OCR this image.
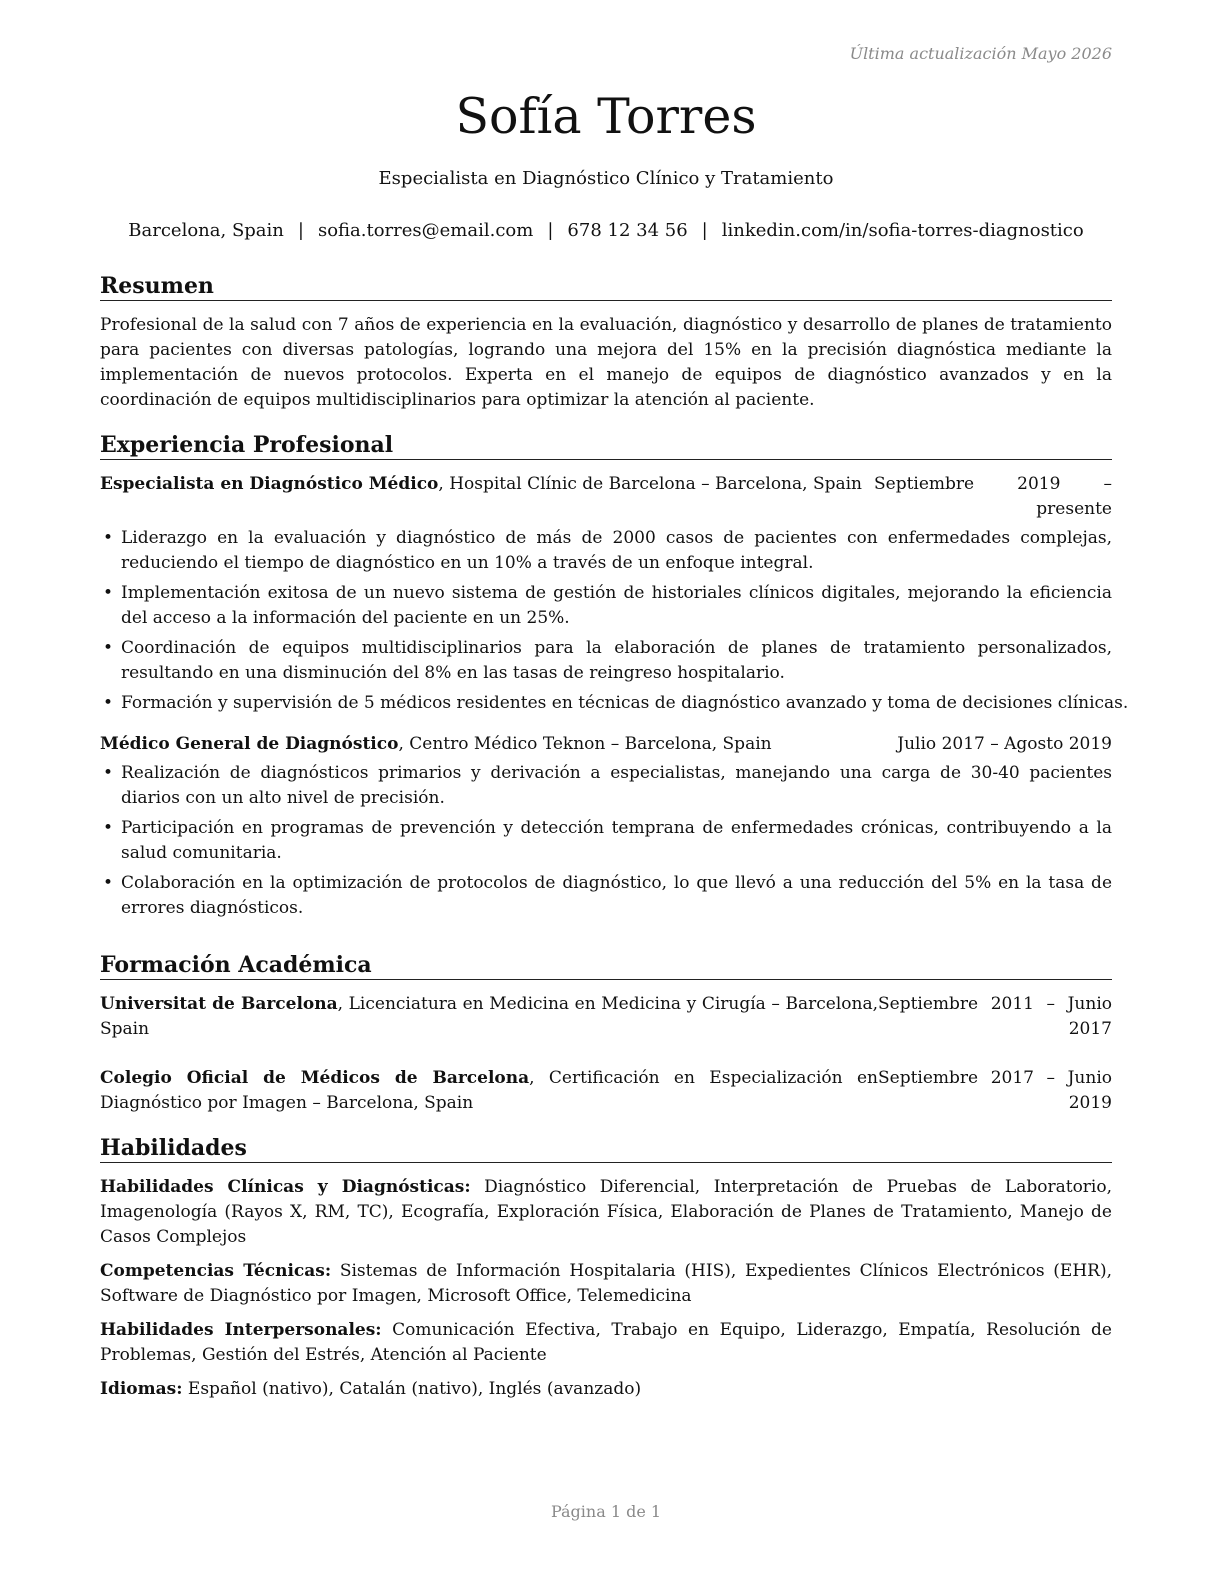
Última actualización Mayo 2026
Sofía Torres
Especialista en Diagnóstico Clínico y Tratamiento
Barcelona, Spain | sofia.torres@email.com | 678 12 34 56 | linkedin.com/in/sofia-torres-diagnostico
Resumen

Profesional de la salud con 7 años de experiencia en la evaluación, diagnóstico y desarrollo de planes de tratamiento para pacientes con diversas patologías, logrando una mejora del 15% en la precisión diagnóstica mediante la implementación de nuevos protocolos. Experta en el manejo de equipos de diagnóstico avanzados y en la coordinación de equipos multidisciplinarios para optimizar la atención al paciente.

Experiencia Profesional
Especialista en Diagnóstico Médico, Hospital Clínic de Barcelona – Barcelona, Spain Septiembre 2019 – presente
• Liderazgo en la evaluación y diagnóstico de más de 2000 casos de pacientes con enfermedades complejas, reduciendo el tiempo de diagnóstico en un 10% a través de un enfoque integral.
• Implementación exitosa de un nuevo sistema de gestión de historiales clínicos digitales, mejorando la eficiencia del acceso a la información del paciente en un 25%.
• Coordinación de equipos multidisciplinarios para la elaboración de planes de tratamiento personalizados, resultando en una disminución del 8% en las tasas de reingreso hospitalario.
• Formación y supervisión de 5 médicos residentes en técnicas de diagnóstico avanzado y toma de decisiones clínicas.
Médico General de Diagnóstico, Centro Médico Teknon – Barcelona, Spain	Julio 2017 – Agosto 2019
• Realización de diagnósticos primarios y derivación a especialistas, manejando una carga de 30-40 pacientes diarios con un alto nivel de precisión.
• Participación en programas de prevención y detección temprana de enfermedades crónicas, contribuyendo a la salud comunitaria.
• Colaboración en la optimización de protocolos de diagnóstico, lo que llevó a una reducción del 5% en la tasa de errores diagnósticos.
Formación Académica
Universitat de Barcelona, Licenciatura en Medicina en Medicina y Cirugía – Barcelona, Spain
Septiembre 2011 – Junio 2017
Colegio Oficial de Médicos de Barcelona, Certificación en Especialización en Diagnóstico por Imagen – Barcelona, Spain
Septiembre 2017 – Junio 2019
Habilidades
Habilidades Clínicas y Diagnósticas: Diagnóstico Diferencial, Interpretación de Pruebas de Laboratorio, Imagenología (Rayos X, RM, TC), Ecografía, Exploración Física, Elaboración de Planes de Tratamiento, Manejo de Casos Complejos
Competencias Técnicas: Sistemas de Información Hospitalaria (HIS), Expedientes Clínicos Electrónicos (EHR), Software de Diagnóstico por Imagen, Microsoft Office, Telemedicina
Habilidades Interpersonales: Comunicación Efectiva, Trabajo en Equipo, Liderazgo, Empatía, Resolución de Problemas, Gestión del Estrés, Atención al Paciente
Idiomas: Español (nativo), Catalán (nativo), Inglés (avanzado)
Página 1 de 1
